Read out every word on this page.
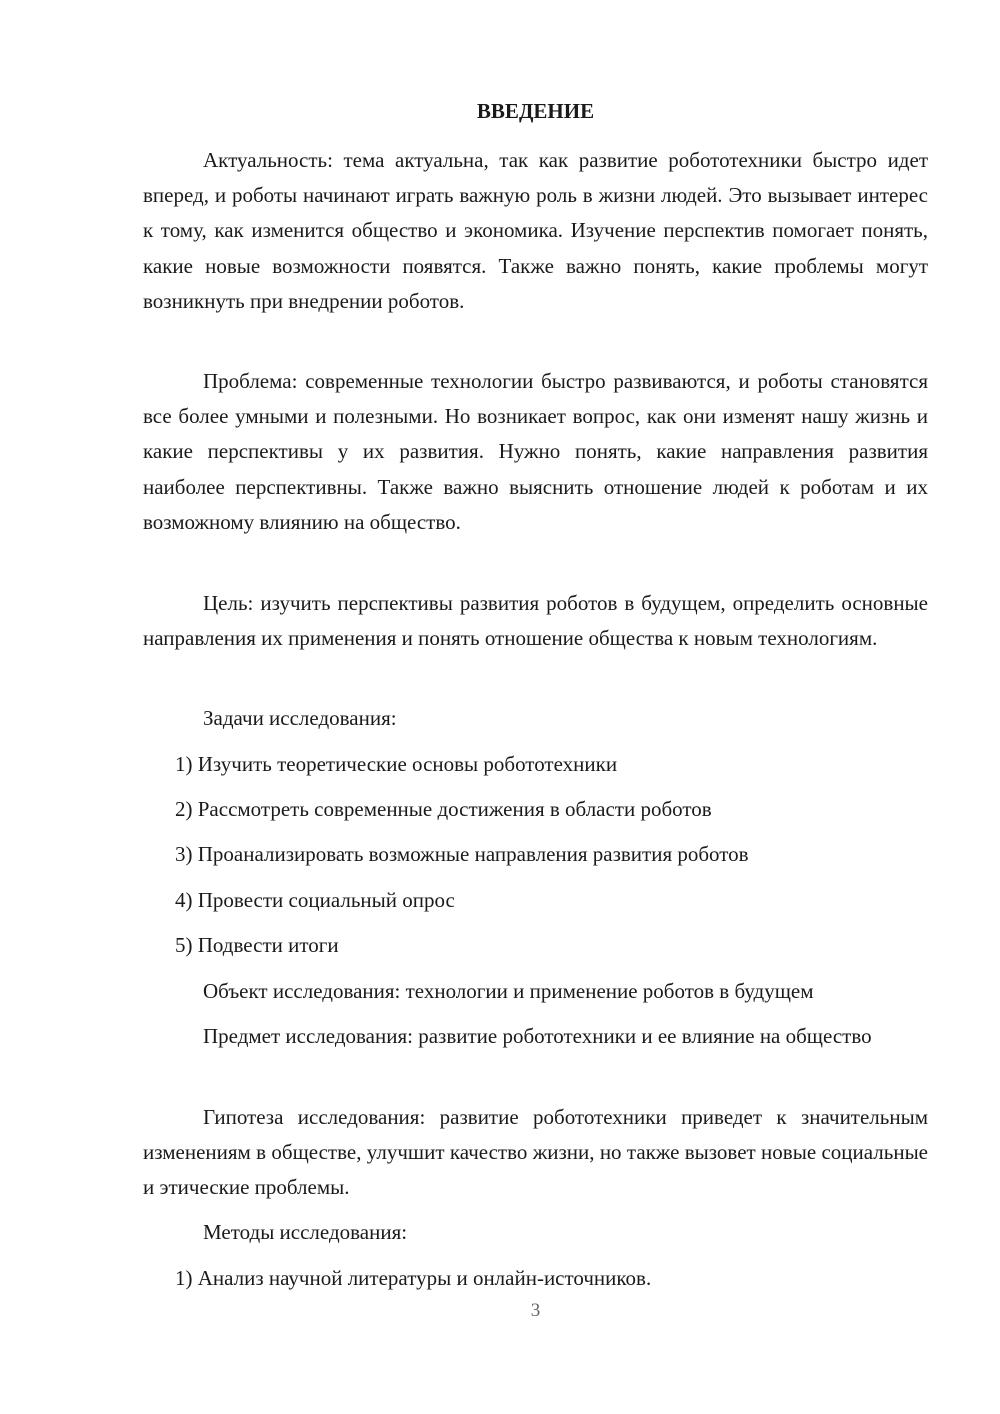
ВВЕДЕНИЕ
Актуальность: тема актуальна, так как развитие робототехники быстро идет вперед, и роботы начинают играть важную роль в жизни людей. Это вызывает интерес к тому, как изменится общество и экономика. Изучение перспектив помогает понять, какие новые возможности появятся. Также важно понять, какие проблемы могут возникнуть при внедрении роботов.
Проблема: современные технологии быстро развиваются, и роботы становятся все более умными и полезными. Но возникает вопрос, как они изменят нашу жизнь и какие перспективы у их развития. Нужно понять, какие направления развития наиболее перспективны. Также важно выяснить отношение людей к роботам и их возможному влиянию на общество.
Цель: изучить перспективы развития роботов в будущем, определить основные направления их применения и понять отношение общества к новым технологиям.
Задачи исследования:
1) Изучить теоретические основы робототехники
2) Рассмотреть современные достижения в области роботов
3) Проанализировать возможные направления развития роботов
4) Провести социальный опрос
5) Подвести итоги
Объект исследования: технологии и применение роботов в будущем
Предмет исследования: развитие робототехники и ее влияние на общество
Гипотеза исследования: развитие робототехники приведет к значительным изменениям в обществе, улучшит качество жизни, но также вызовет новые социальные и этические проблемы.
Методы исследования:
1) Анализ научной литературы и онлайн-источников.
3
